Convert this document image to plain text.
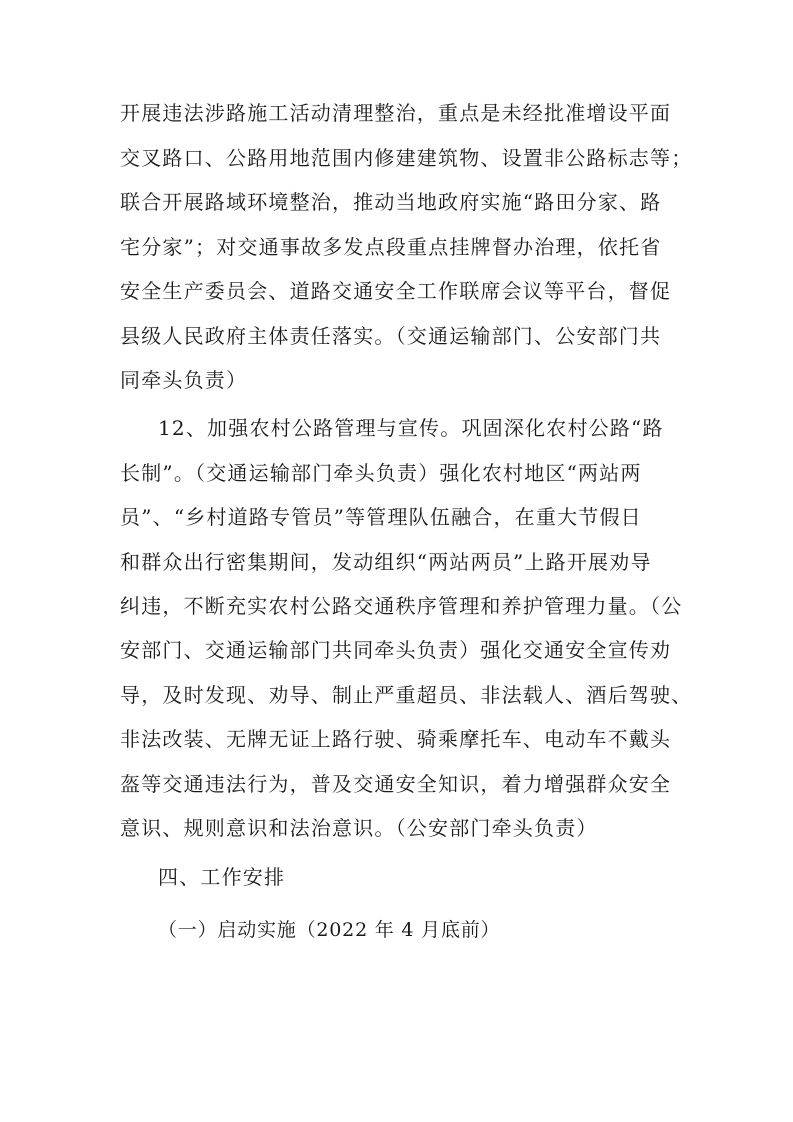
开展违法涉路施工活动清理整治，重点是未经批准增设平面
交叉路口、公路用地范围内修建建筑物、设置非公路标志等；
联合开展路域环境整治，推动当地政府实施“路田分家、路
宅分家”；对交通事故多发点段重点挂牌督办治理，依托省
安全生产委员会、道路交通安全工作联席会议等平台，督促
县级人民政府主体责任落实。（交通运输部门、公安部门共
同牵头负责）
12、加强农村公路管理与宣传。巩固深化农村公路“路
长制”。（交通运输部门牵头负责）强化农村地区“两站两
员”、“乡村道路专管员”等管理队伍融合，在重大节假日
和群众出行密集期间，发动组织“两站两员”上路开展劝导
纠违，不断充实农村公路交通秩序管理和养护管理力量。（公
安部门、交通运输部门共同牵头负责）强化交通安全宣传劝
导，及时发现、劝导、制止严重超员、非法载人、酒后驾驶、
非法改装、无牌无证上路行驶、骑乘摩托车、电动车不戴头
盔等交通违法行为，普及交通安全知识，着力增强群众安全
意识、规则意识和法治意识。（公安部门牵头负责）
四、工作安排
（一）启动实施（2022 年 4 月底前）
